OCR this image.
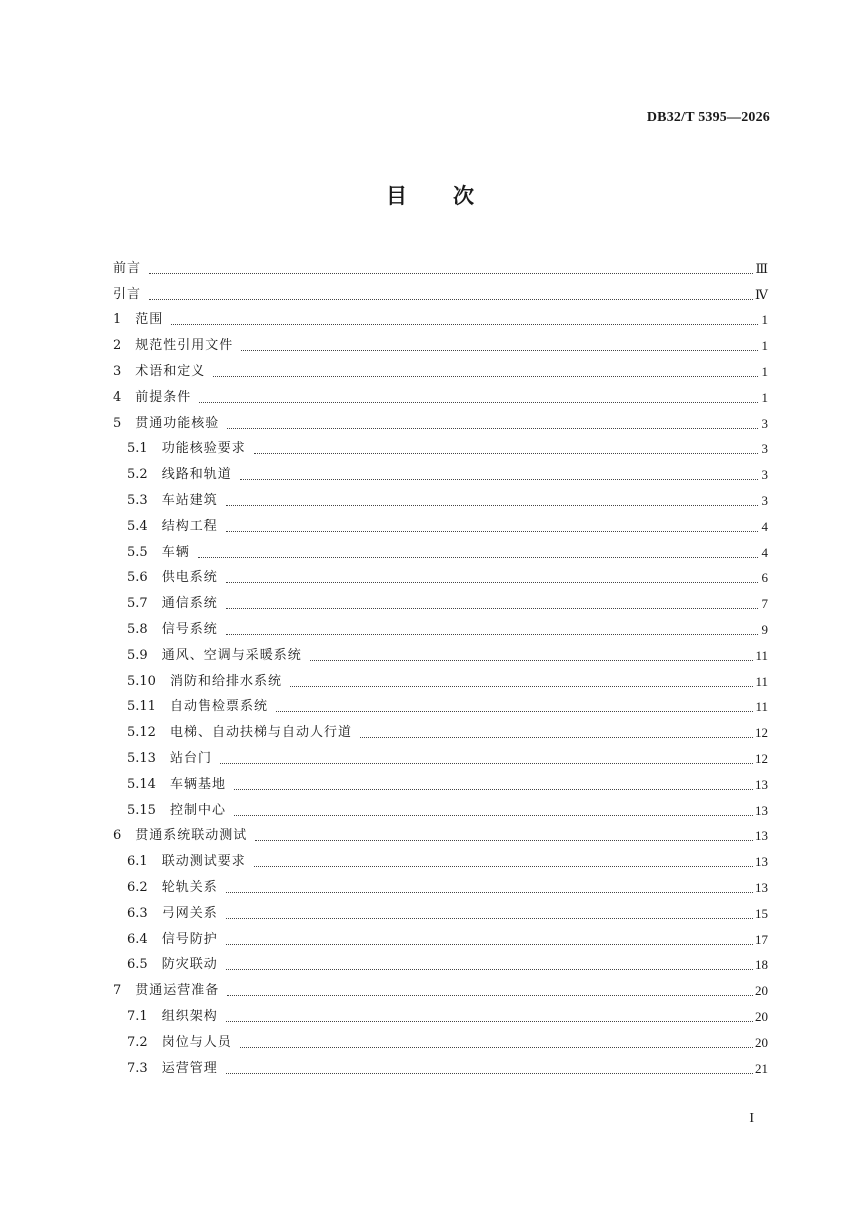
DB32/T 5395—2026
目次
前言	Ⅲ
引言	Ⅳ
1 范围	1
2 规范性引用文件	1
3 术语和定义	1
4 前提条件	1
5 贯通功能核验	3
5.1 功能核验要求	3
5.2 线路和轨道	3
5.3 车站建筑	3
5.4 结构工程	4
5.5 车辆	4
5.6 供电系统	6
5.7 通信系统	7
5.8 信号系统	9
5.9 通风、空调与采暖系统	11
5.10 消防和给排水系统	11
5.11 自动售检票系统	11
5.12 电梯、自动扶梯与自动人行道	12
5.13 站台门	12
5.14 车辆基地	13
5.15 控制中心	13
6 贯通系统联动测试	13
6.1 联动测试要求	13
6.2 轮轨关系	13
6.3 弓网关系	15
6.4 信号防护	17
6.5 防灾联动	18
7 贯通运营准备	20
7.1 组织架构	20
7.2 岗位与人员	20
7.3 运营管理	21
I
